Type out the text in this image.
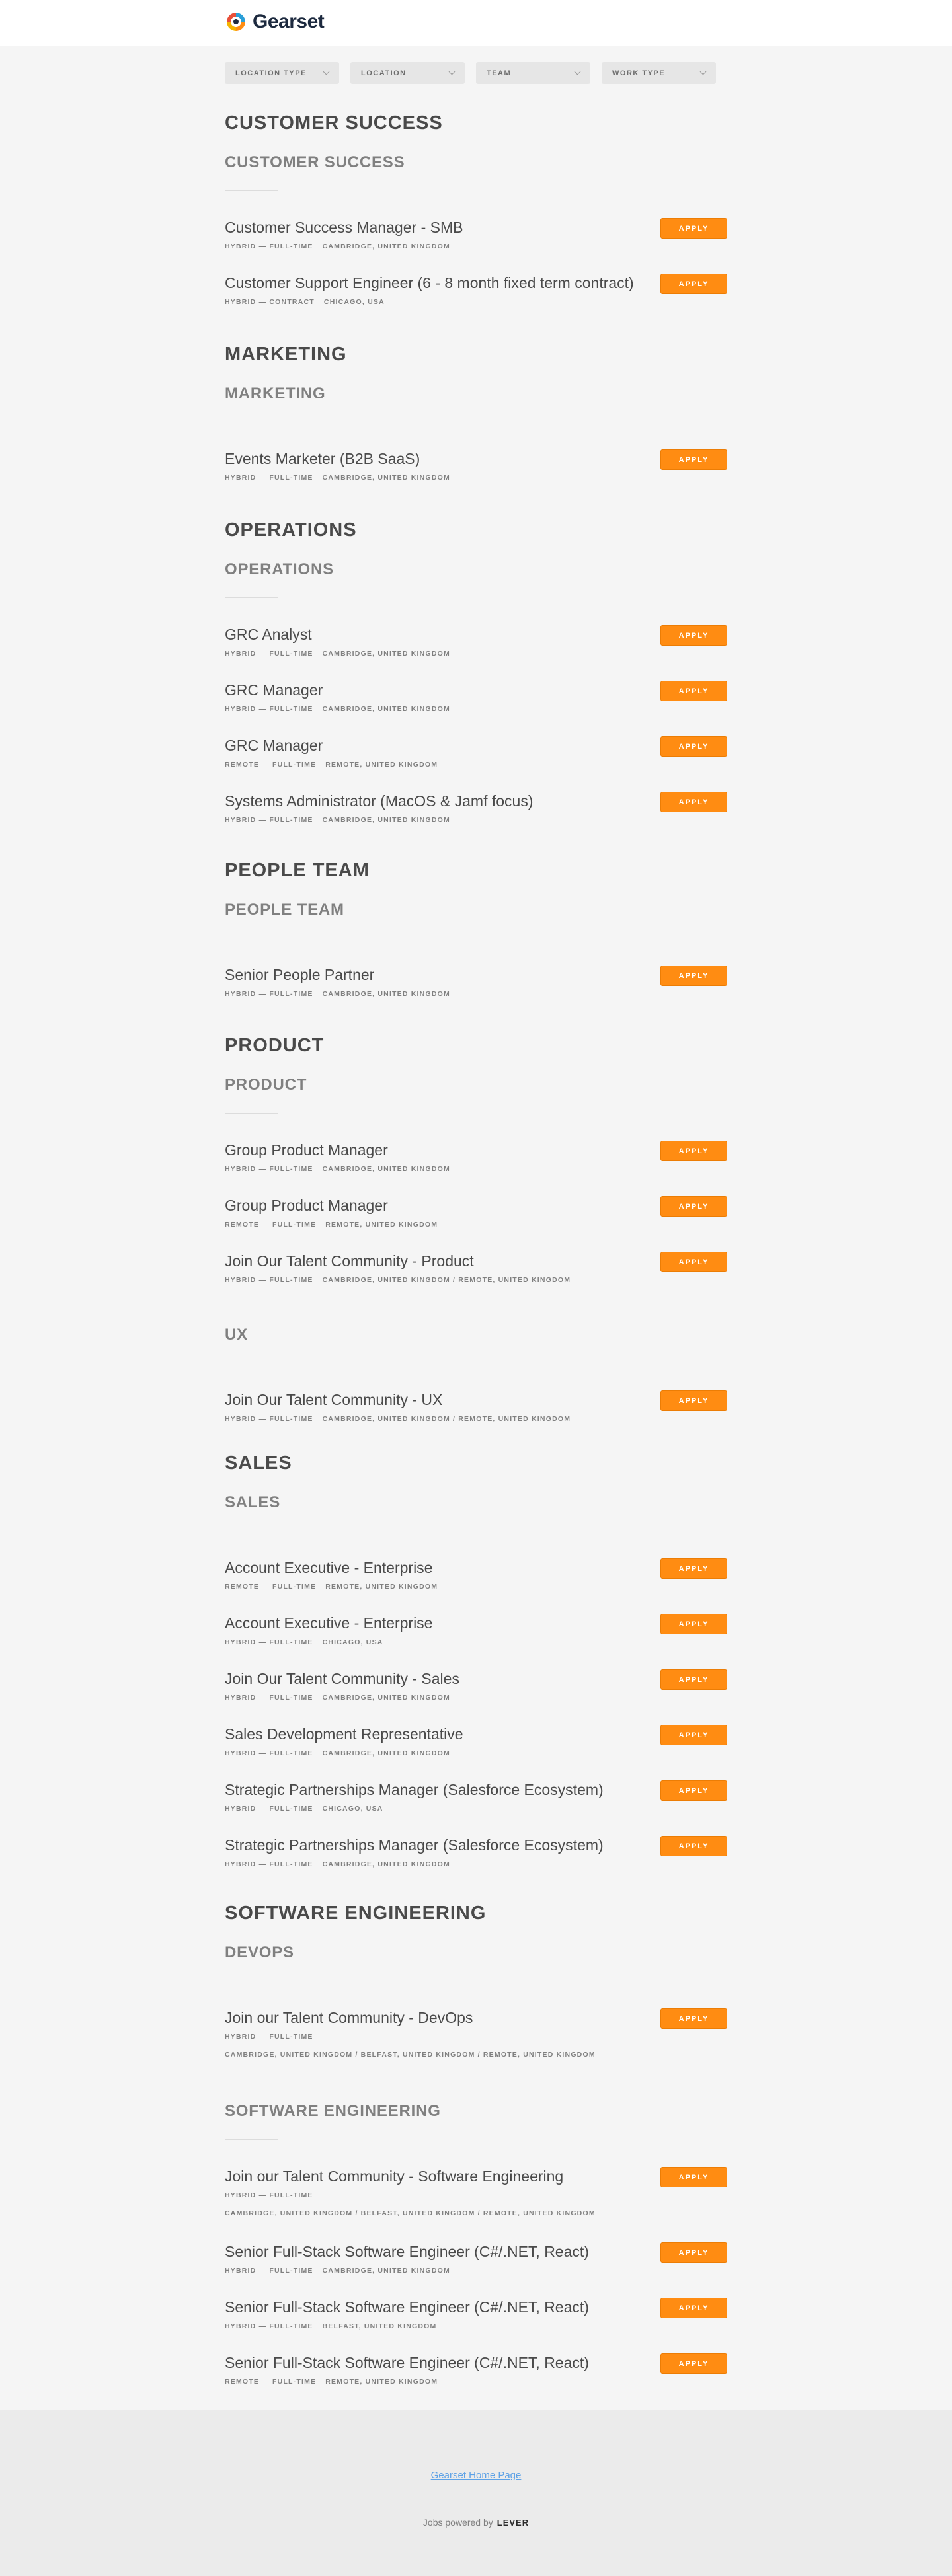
Gearset
LOCATION TYPE	LOCATION	TEAM	WORK TYPE
CUSTOMER SUCCESS
CUSTOMER SUCCESS
Customer Success Manager - SMB
HYBRID — FULL-TIME CAMBRIDGE, UNITED KINGDOM
APPLY
Customer Support Engineer (6 - 8 month fixed term contract)
HYBRID — CONTRACT CHICAGO, USA
APPLY
MARKETING
MARKETING
Events Marketer (B2B SaaS)
HYBRID — FULL-TIME CAMBRIDGE, UNITED KINGDOM
APPLY
OPERATIONS
OPERATIONS
GRC Analyst
HYBRID — FULL-TIME CAMBRIDGE, UNITED KINGDOM
APPLY
GRC Manager
HYBRID — FULL-TIME CAMBRIDGE, UNITED KINGDOM
APPLY
GRC Manager
REMOTE — FULL-TIME REMOTE, UNITED KINGDOM
APPLY
Systems Administrator (MacOS & Jamf focus)
HYBRID — FULL-TIME CAMBRIDGE, UNITED KINGDOM
APPLY
PEOPLE TEAM
PEOPLE TEAM
Senior People Partner
HYBRID — FULL-TIME CAMBRIDGE, UNITED KINGDOM
APPLY
PRODUCT
PRODUCT
Group Product Manager
HYBRID — FULL-TIME CAMBRIDGE, UNITED KINGDOM
APPLY
Group Product Manager
REMOTE — FULL-TIME REMOTE, UNITED KINGDOM
APPLY
Join Our Talent Community - Product
HYBRID — FULL-TIME CAMBRIDGE, UNITED KINGDOM / REMOTE, UNITED KINGDOM
APPLY
UX
Join Our Talent Community - UX
HYBRID — FULL-TIME CAMBRIDGE, UNITED KINGDOM / REMOTE, UNITED KINGDOM
APPLY
SALES
SALES
Account Executive - Enterprise
REMOTE — FULL-TIME REMOTE, UNITED KINGDOM
APPLY
Account Executive - Enterprise
HYBRID — FULL-TIME CHICAGO, USA
APPLY
Join Our Talent Community - Sales
HYBRID — FULL-TIME CAMBRIDGE, UNITED KINGDOM
APPLY
Sales Development Representative
HYBRID — FULL-TIME CAMBRIDGE, UNITED KINGDOM
APPLY
Strategic Partnerships Manager (Salesforce Ecosystem)
HYBRID — FULL-TIME CHICAGO, USA
APPLY
Strategic Partnerships Manager (Salesforce Ecosystem)
HYBRID — FULL-TIME CAMBRIDGE, UNITED KINGDOM
APPLY
SOFTWARE ENGINEERING
DEVOPS
Join our Talent Community - DevOps
HYBRID — FULL-TIME
CAMBRIDGE, UNITED KINGDOM / BELFAST, UNITED KINGDOM / REMOTE, UNITED KINGDOM
APPLY
SOFTWARE ENGINEERING
Join our Talent Community - Software Engineering
HYBRID — FULL-TIME
CAMBRIDGE, UNITED KINGDOM / BELFAST, UNITED KINGDOM / REMOTE, UNITED KINGDOM
APPLY
Senior Full-Stack Software Engineer (C#/.NET, React)
HYBRID — FULL-TIME CAMBRIDGE, UNITED KINGDOM
APPLY
Senior Full-Stack Software Engineer (C#/.NET, React)
HYBRID — FULL-TIME BELFAST, UNITED KINGDOM
APPLY
Senior Full-Stack Software Engineer (C#/.NET, React)
REMOTE — FULL-TIME REMOTE, UNITED KINGDOM
APPLY
Gearset Home Page
Jobs powered by LEVER
